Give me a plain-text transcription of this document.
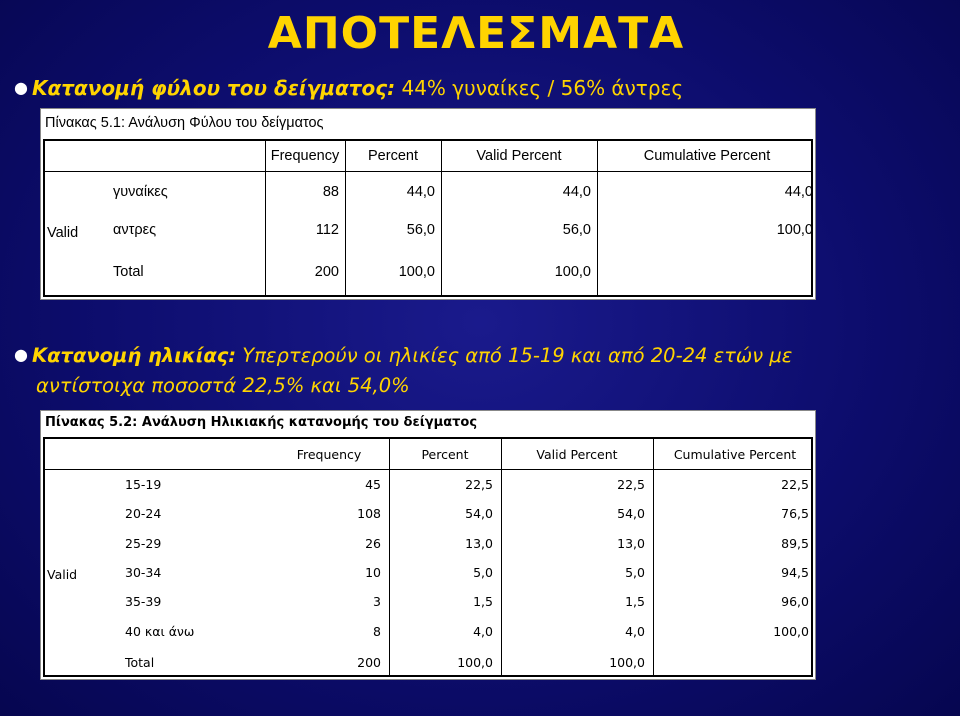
ΑΠΟΤΕΛΕΣΜΑΤΑ
● Κατανομή φύλου του δείγματος: 44% γυναίκες / 56% άντρες
Πίνακας 5.1: Ανάλυση Φύλου του δείγματος
Frequency	Percent	Valid Percent	Cumulative Percent
Valid
γυναίκες	88	44,0	44,0	44,0
αντρες	112	56,0	56,0	100,0
Total	200	100,0	100,0
● Κατανομή ηλικίας: Υπερτερούν οι ηλικίες από 15-19 και από 20-24 ετών με
αντίστοιχα ποσοστά 22,5% και 54,0%
Πίνακας 5.2: Ανάλυση Ηλικιακής κατανομής του δείγματος
Frequency	Percent	Valid Percent	Cumulative Percent
Valid
15-19	45	22,5	22,5	22,5
20-24	108	54,0	54,0	76,5
25-29	26	13,0	13,0	89,5
30-34	10	5,0	5,0	94,5
35-39	3	1,5	1,5	96,0
40 και άνω	8	4,0	4,0	100,0
Total	200	100,0	100,0
